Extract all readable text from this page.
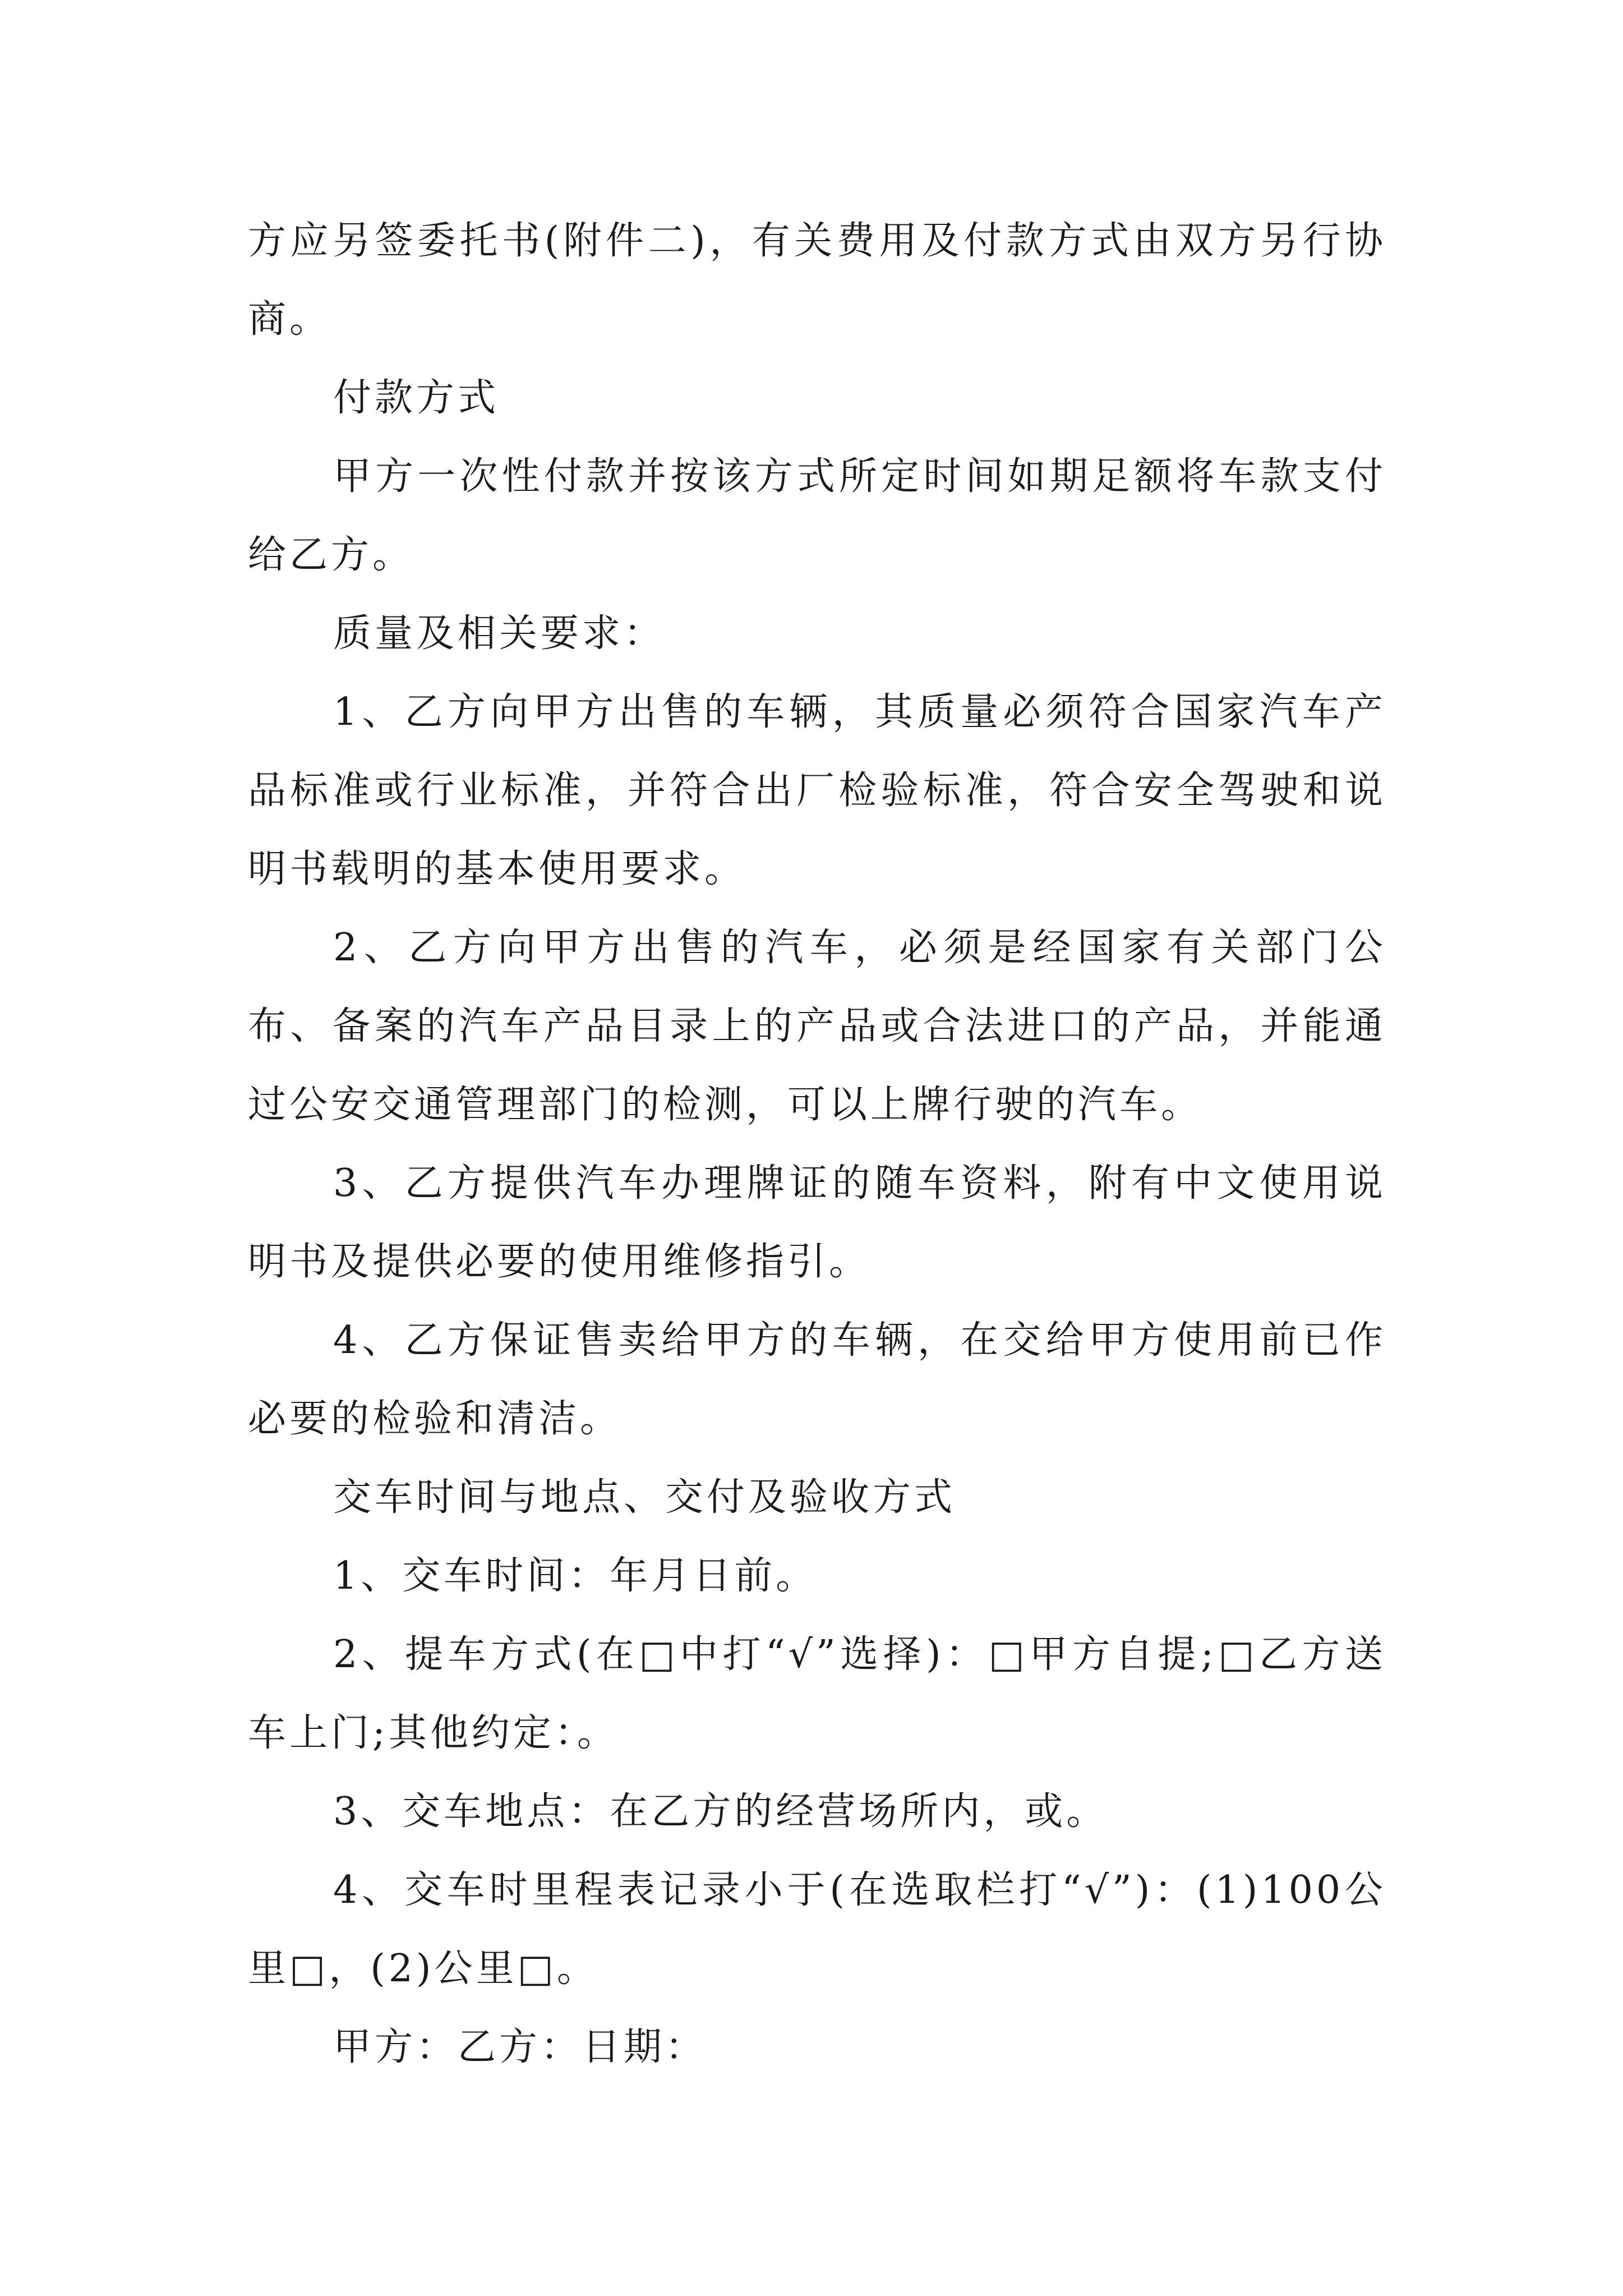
方应另签委托书(附件二)，有关费用及付款方式由双方另行协商。

付款方式

甲方一次性付款并按该方式所定时间如期足额将车款支付给乙方。

质量及相关要求：

1、乙方向甲方出售的车辆，其质量必须符合国家汽车产品标准或行业标准，并符合出厂检验标准，符合安全驾驶和说明书载明的基本使用要求。

2、乙方向甲方出售的汽车，必须是经国家有关部门公布、备案的汽车产品目录上的产品或合法进口的产品，并能通过公安交通管理部门的检测，可以上牌行驶的汽车。

3、乙方提供汽车办理牌证的随车资料，附有中文使用说明书及提供必要的使用维修指引。

4、乙方保证售卖给甲方的车辆，在交给甲方使用前已作必要的检验和清洁。

交车时间与地点、交付及验收方式

1、交车时间：年月日前。

2、提车方式(在□中打“√”选择)：□甲方自提;□乙方送车上门;其他约定：。

3、交车地点：在乙方的经营场所内，或。

4、交车时里程表记录小于(在选取栏打“√”)：(1)100公里□，(2)公里□。

甲方：乙方：日期：
